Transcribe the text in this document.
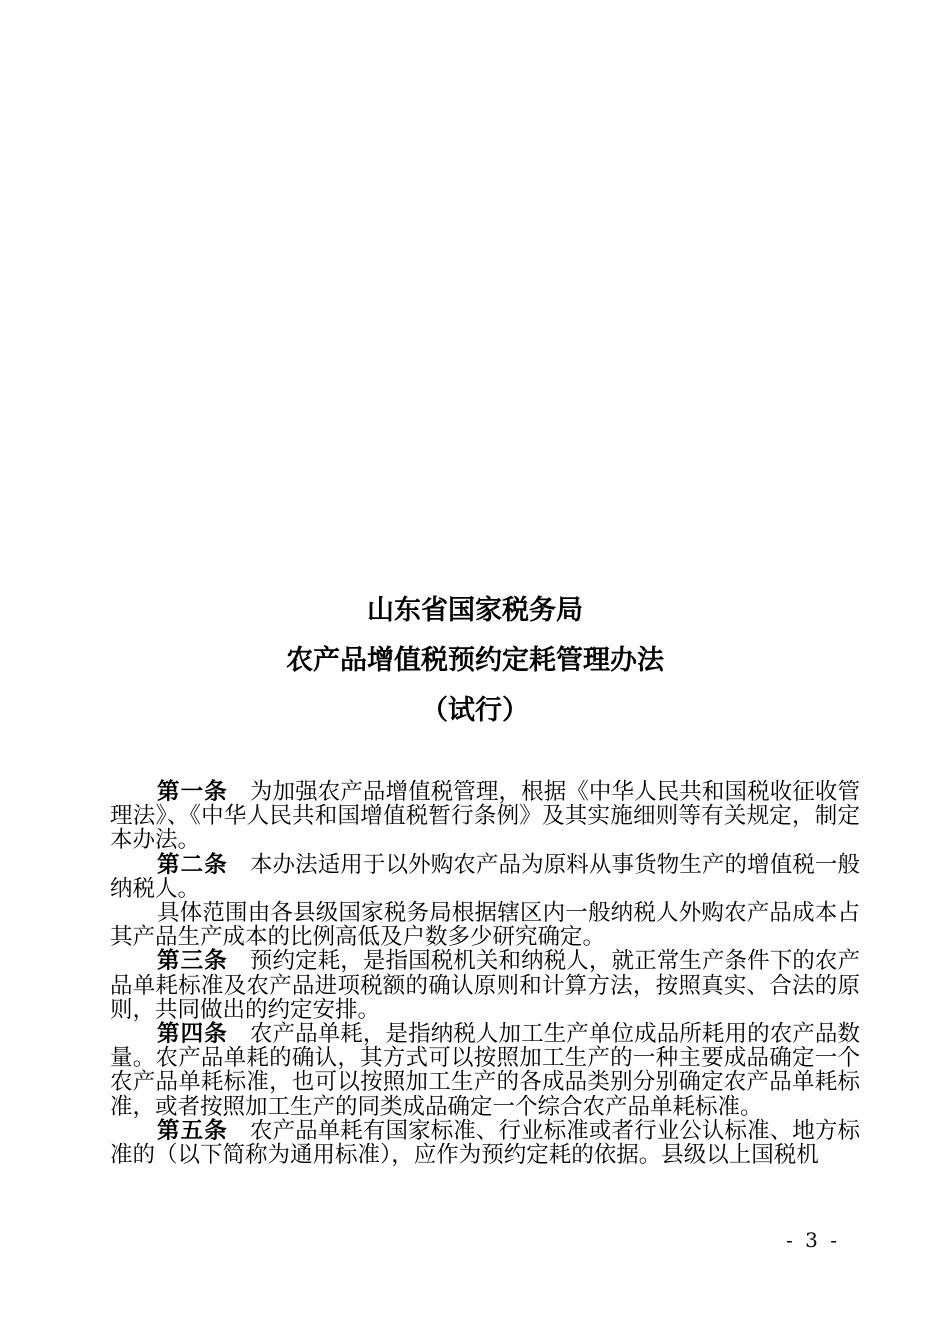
山东省国家税务局

农产品增值税预约定耗管理办法

（试行）

第一条 为加强农产品增值税管理，根据《中华人民共和国税收征收管理法》、《中华人民共和国增值税暂行条例》及其实施细则等有关规定，制定本办法。

第二条 本办法适用于以外购农产品为原料从事货物生产的增值税一般纳税人。

具体范围由各县级国家税务局根据辖区内一般纳税人外购农产品成本占其产品生产成本的比例高低及户数多少研究确定。

第三条 预约定耗，是指国税机关和纳税人，就正常生产条件下的农产品单耗标准及农产品进项税额的确认原则和计算方法，按照真实、合法的原则，共同做出的约定安排。

第四条 农产品单耗，是指纳税人加工生产单位成品所耗用的农产品数量。农产品单耗的确认，其方式可以按照加工生产的一种主要成品确定一个农产品单耗标准，也可以按照加工生产的各成品类别分别确定农产品单耗标准，或者按照加工生产的同类成品确定一个综合农产品单耗标准。

第五条 农产品单耗有国家标准、行业标准或者行业公认标准、地方标准的（以下简称为通用标准），应作为预约定耗的依据。县级以上国税机

- 3 -
